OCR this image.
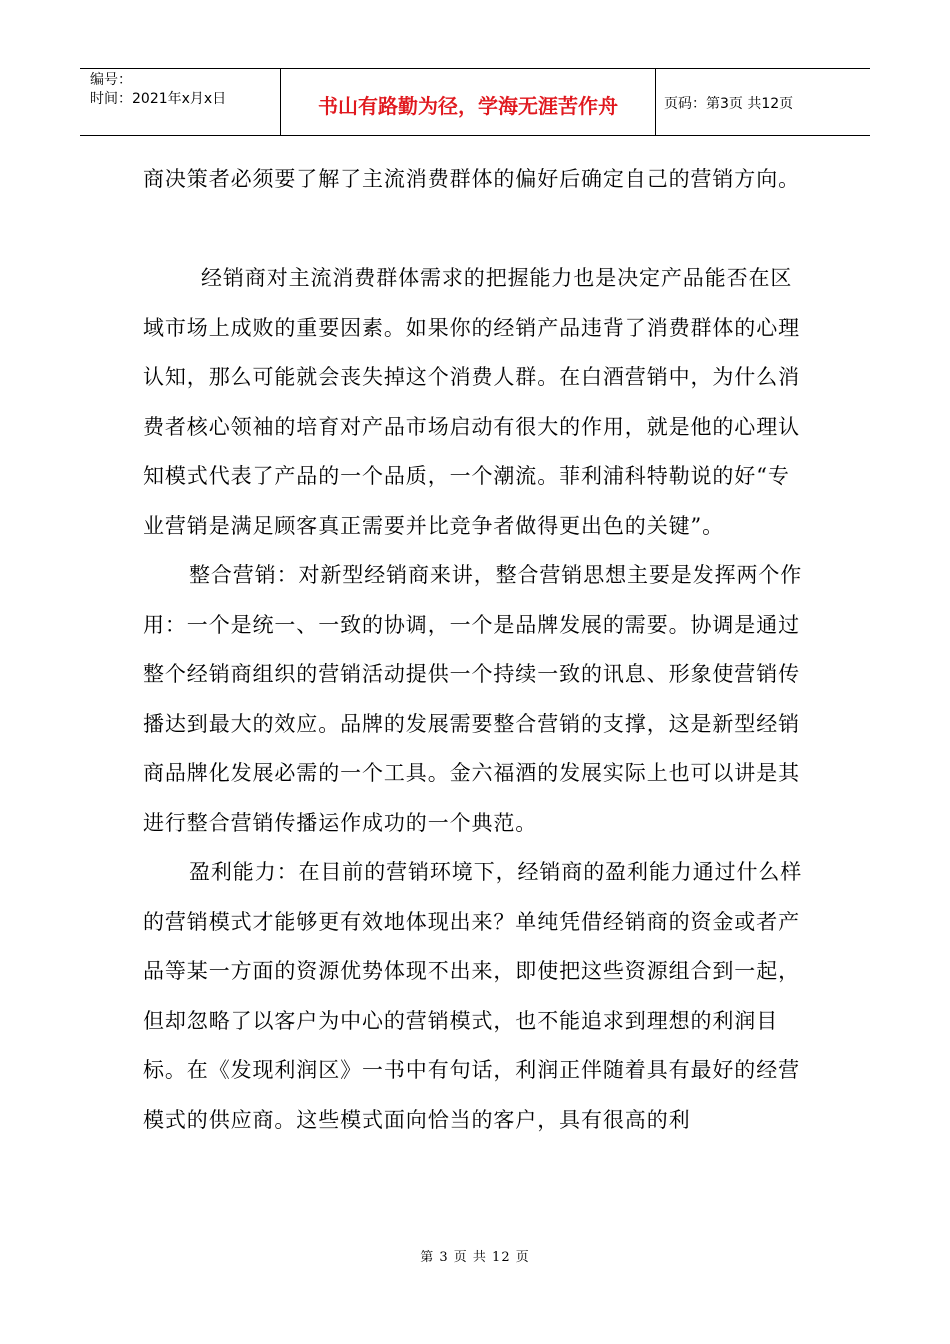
编号：
时间：2021年x月x日	书山有路勤为径，学海无涯苦作舟	页码：第3页 共12页

商决策者必须要了解了主流消费群体的偏好后确定自己的营销方向。

经销商对主流消费群体需求的把握能力也是决定产品能否在区域市场上成败的重要因素。如果你的经销产品违背了消费群体的心理认知，那么可能就会丧失掉这个消费人群。在白酒营销中，为什么消费者核心领袖的培育对产品市场启动有很大的作用，就是他的心理认知模式代表了产品的一个品质，一个潮流。菲利浦科特勒说的好“专业营销是满足顾客真正需要并比竞争者做得更出色的关键”。

整合营销：对新型经销商来讲，整合营销思想主要是发挥两个作用：一个是统一、一致的协调，一个是品牌发展的需要。协调是通过整个经销商组织的营销活动提供一个持续一致的讯息、形象使营销传播达到最大的效应。品牌的发展需要整合营销的支撑，这是新型经销商品牌化发展必需的一个工具。金六福酒的发展实际上也可以讲是其进行整合营销传播运作成功的一个典范。

盈利能力：在目前的营销环境下，经销商的盈利能力通过什么样的营销模式才能够更有效地体现出来？单纯凭借经销商的资金或者产品等某一方面的资源优势体现不出来，即使把这些资源组合到一起，但却忽略了以客户为中心的营销模式，也不能追求到理想的利润目标。在《发现利润区》一书中有句话，利润正伴随着具有最好的经营模式的供应商。这些模式面向恰当的客户，具有很高的利

第 3 页 共 12 页
